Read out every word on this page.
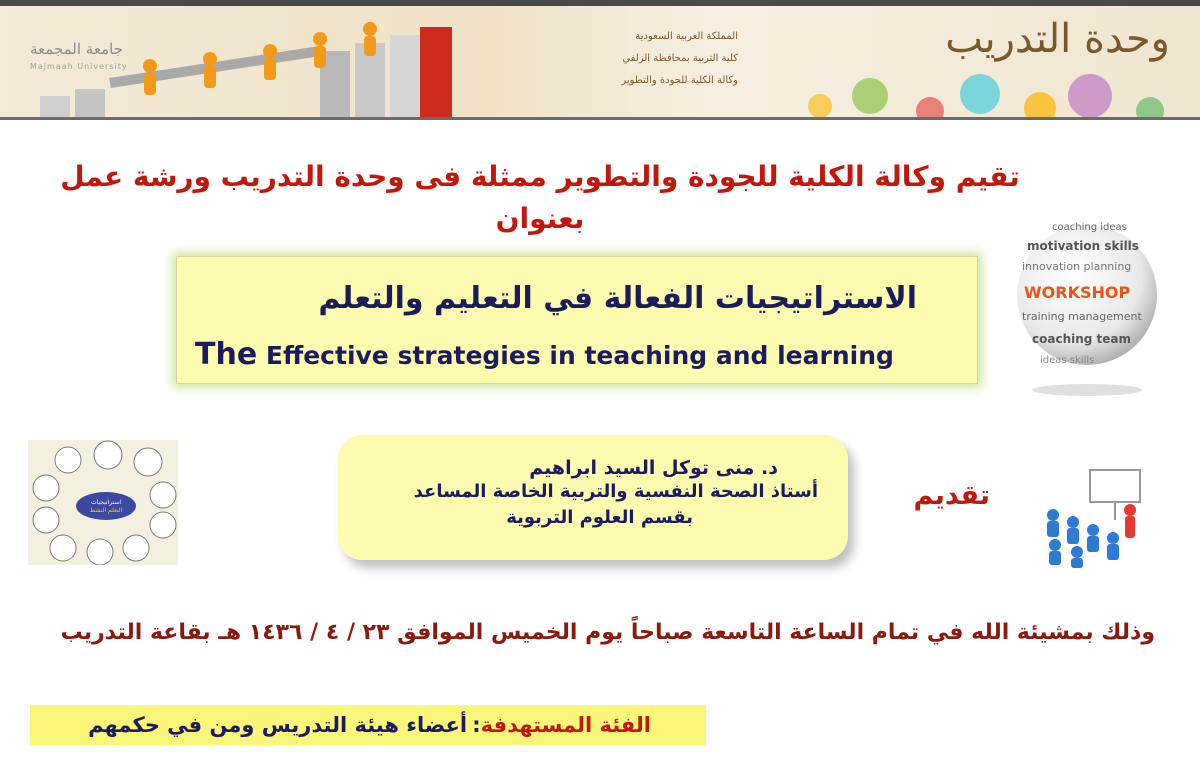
جامعة المجمعة
Majmaah University
المملكة العربية السعودية
كلية التربية بمحافظة الزلفي
وكالة الكلية للجودة والتطوير
وحدة التدريب
تقيم وكالة الكلية للجودة والتطوير ممثلة فى وحدة التدريب ورشة عمل بعنوان	coaching ideas
motivation skills
innovation planning
WORKSHOP
training management
coaching team
ideas skills
الاستراتيجيات الفعالة في التعليم والتعلم
The Effective strategies in teaching and learning
استراتيجيات
التعلم النشط
د. منى توكل السيد ابراهيم
أستاذ الصحة النفسية والتربية الخاصة المساعد
بقسم العلوم التربوية
تقديم
وذلك بمشيئة الله في تمام الساعة التاسعة صباحاً يوم الخميس الموافق ٢٣ / ٤ / ١٤٣٦ هـ بقاعة التدريب
الفئة المستهدفة: أعضاء هيئة التدريس ومن في حكمهم
